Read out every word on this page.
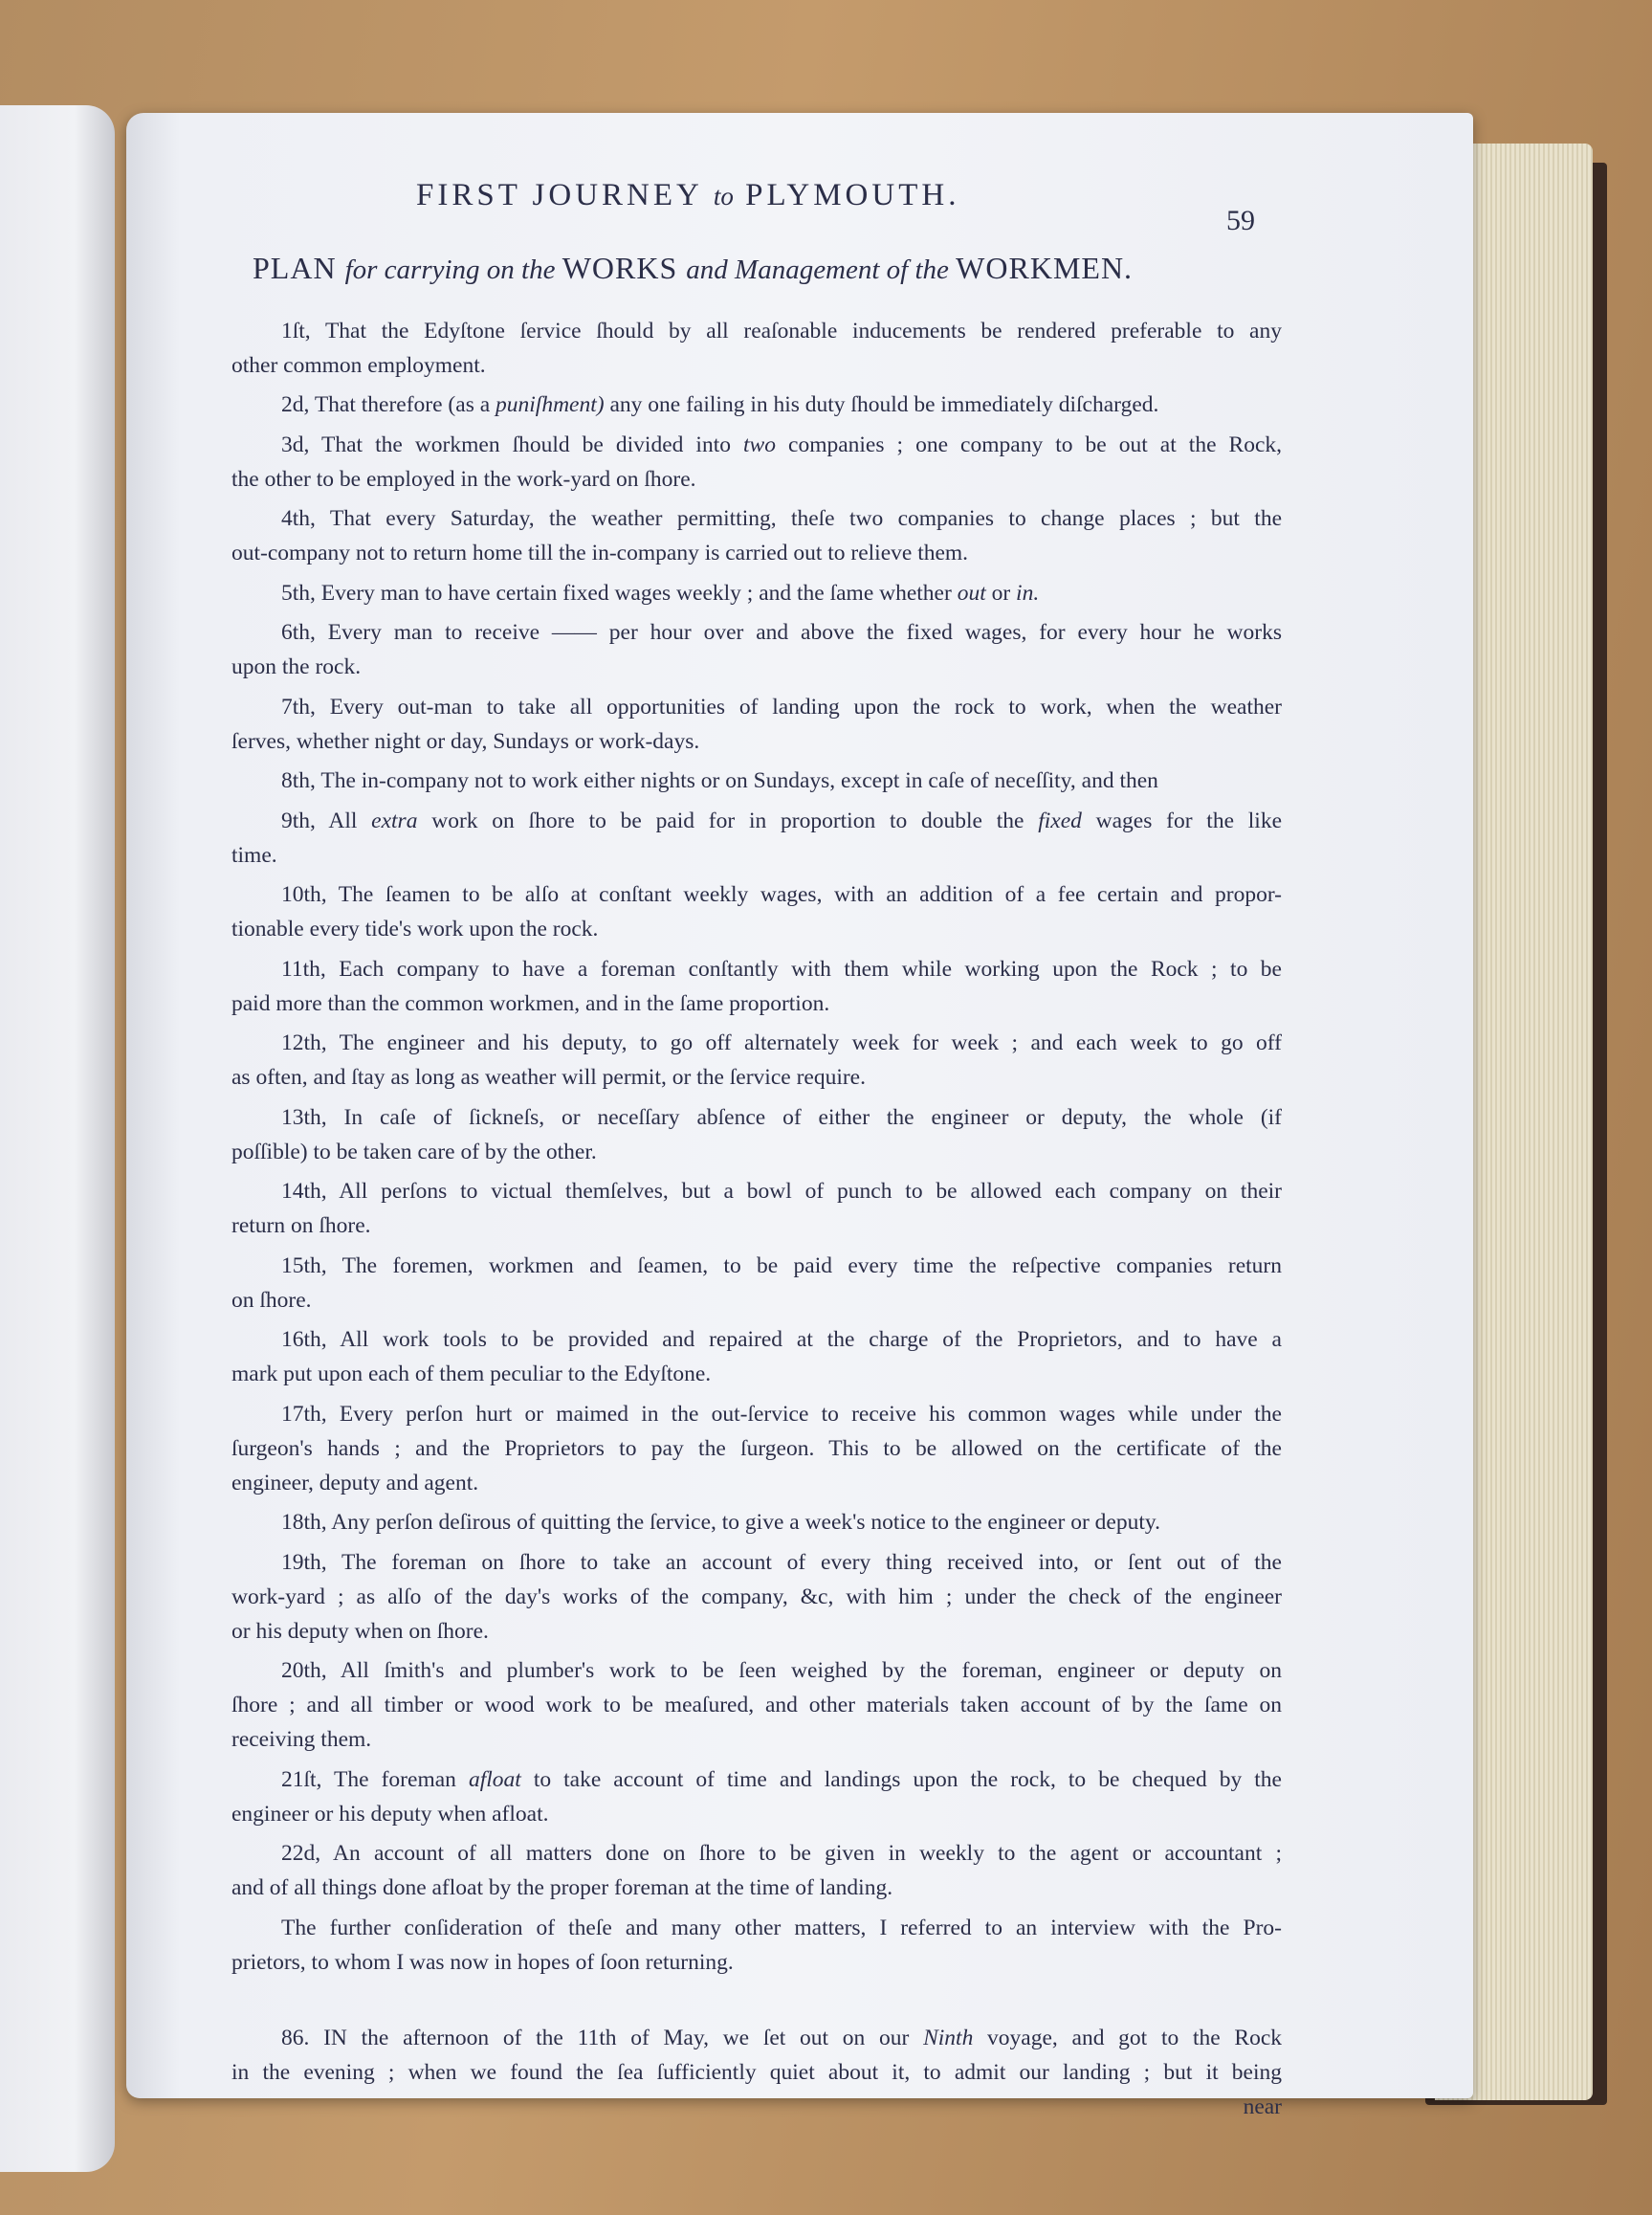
FIRST JOURNEY to PLYMOUTH.
59
PLAN for carrying on the WORKS and Management of the WORKMEN.
1ſt, That the Edyſtone ſervice ſhould by all reaſonable inducements be rendered preferable to any
other common employment.
2d, That therefore (as a puniſhment) any one failing in his duty ſhould be immediately diſcharged.
3d, That the workmen ſhould be divided into two companies ; one company to be out at the Rock,
the other to be employed in the work-yard on ſhore.
4th, That every Saturday, the weather permitting, theſe two companies to change places ; but the
out-company not to return home till the in-company is carried out to relieve them.
5th, Every man to have certain fixed wages weekly ; and the ſame whether out or in.
6th, Every man to receive —— per hour over and above the fixed wages, for every hour he works
upon the rock.
7th, Every out-man to take all opportunities of landing upon the rock to work, when the weather
ſerves, whether night or day, Sundays or work-days.
8th, The in-company not to work either nights or on Sundays, except in caſe of neceſſity, and then
9th, All extra work on ſhore to be paid for in proportion to double the fixed wages for the like
time.
10th, The ſeamen to be alſo at conſtant weekly wages, with an addition of a fee certain and propor-
tionable every tide's work upon the rock.
11th, Each company to have a foreman conſtantly with them while working upon the Rock ; to be
paid more than the common workmen, and in the ſame proportion.
12th, The engineer and his deputy, to go off alternately week for week ; and each week to go off
as often, and ſtay as long as weather will permit, or the ſervice require.
13th, In caſe of ſickneſs, or neceſſary abſence of either the engineer or deputy, the whole (if
poſſible) to be taken care of by the other.
14th, All perſons to victual themſelves, but a bowl of punch to be allowed each company on their
return on ſhore.
15th, The foremen, workmen and ſeamen, to be paid every time the reſpective companies return
on ſhore.
16th, All work tools to be provided and repaired at the charge of the Proprietors, and to have a
mark put upon each of them peculiar to the Edyſtone.
17th, Every perſon hurt or maimed in the out-ſervice to receive his common wages while under the
ſurgeon's hands ; and the Proprietors to pay the ſurgeon. This to be allowed on the certificate of the
engineer, deputy and agent.
18th, Any perſon deſirous of quitting the ſervice, to give a week's notice to the engineer or deputy.
19th, The foreman on ſhore to take an account of every thing received into, or ſent out of the
work-yard ; as alſo of the day's works of the company, &c, with him ; under the check of the engineer
or his deputy when on ſhore.
20th, All ſmith's and plumber's work to be ſeen weighed by the foreman, engineer or deputy on
ſhore ; and all timber or wood work to be meaſured, and other materials taken account of by the ſame on
receiving them.
21ſt, The foreman afloat to take account of time and landings upon the rock, to be chequed by the
engineer or his deputy when afloat.
22d, An account of all matters done on ſhore to be given in weekly to the agent or accountant ;
and of all things done afloat by the proper foreman at the time of landing.
The further conſideration of theſe and many other matters, I referred to an interview with the Pro-
prietors, to whom I was now in hopes of ſoon returning.
86. IN the afternoon of the 11th of May, we ſet out on our Ninth voyage, and got to the Rock
in the evening ; when we found the ſea ſufficiently quiet about it, to admit our landing ; but it being
near
